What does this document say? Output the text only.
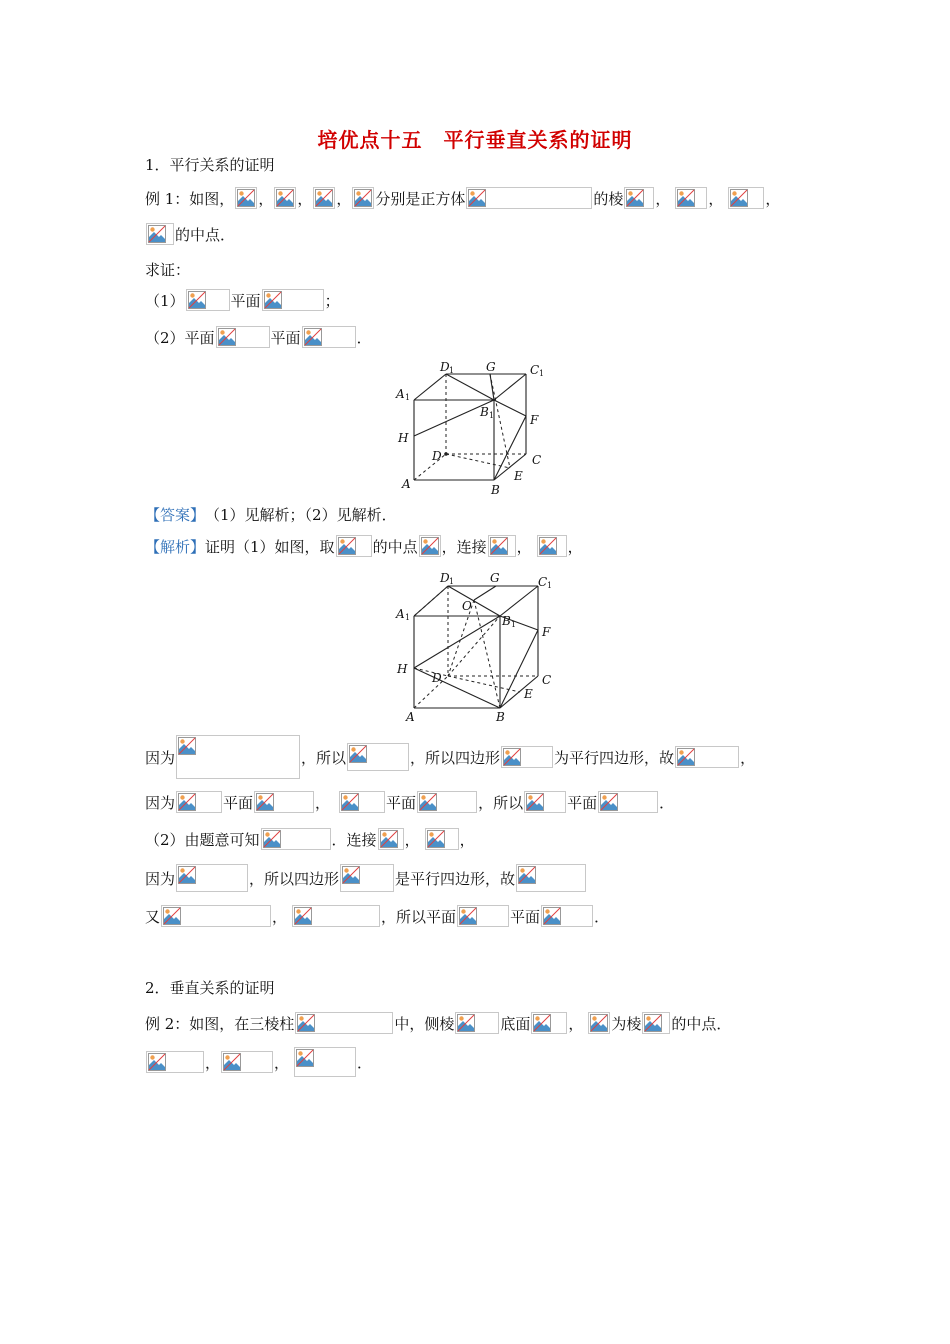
培优点十五　平行垂直关系的证明
1．平行关系的证明
例 1：如图， ， ， ， 分别是正方体	的棱 ，	，	，
的中点．
求证：
（1）	平面	；
（2）平面	平面	．
D 1	G	C 1
A 1
B 1
H
F
D	C
A	B
E
【答案】 （1）见解析；（2）见解析．
【解析】 证明（1）如图，取	的中点 ，连接 ， ，
D 1	G	C 1
O
A 1	B 1
F
H
D	C
E
A	B
因为	，所以	，所以四边形	为平行四边形，故	，
因为	平面	，	平面	，所以	平面	．
（2）由题意可知	．连接 ，	，
因为	，所以四边形	是平行四边形，故
又	，	，所以平面	平面	．
2．垂直关系的证明
例 2：如图，在三棱柱	中，侧棱	底面	， 为棱 的中点．
，	，	．
